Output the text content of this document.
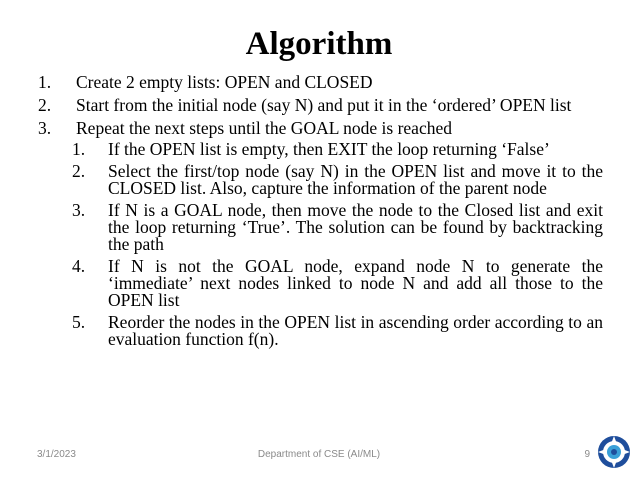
Algorithm
1. Create 2 empty lists: OPEN and CLOSED
2. Start from the initial node (say N) and put it in the ‘ordered’ OPEN list
3. Repeat the next steps until the GOAL node is reached
1. If the OPEN list is empty, then EXIT the loop returning ‘False’
2. Select the first/top node (say N) in the OPEN list and move it to the CLOSED list. Also, capture the information of the parent node
3. If N is a GOAL node, then move the node to the Closed list and exit the loop returning ‘True’. The solution can be found by backtracking the path
4. If N is not the GOAL node, expand node N to generate the ‘immediate’ next nodes linked to node N and add all those to the OPEN list
5. Reorder the nodes in the OPEN list in ascending order according to an evaluation function f(n).
3/1/2023	Department of CSE (AI/ML)	9
